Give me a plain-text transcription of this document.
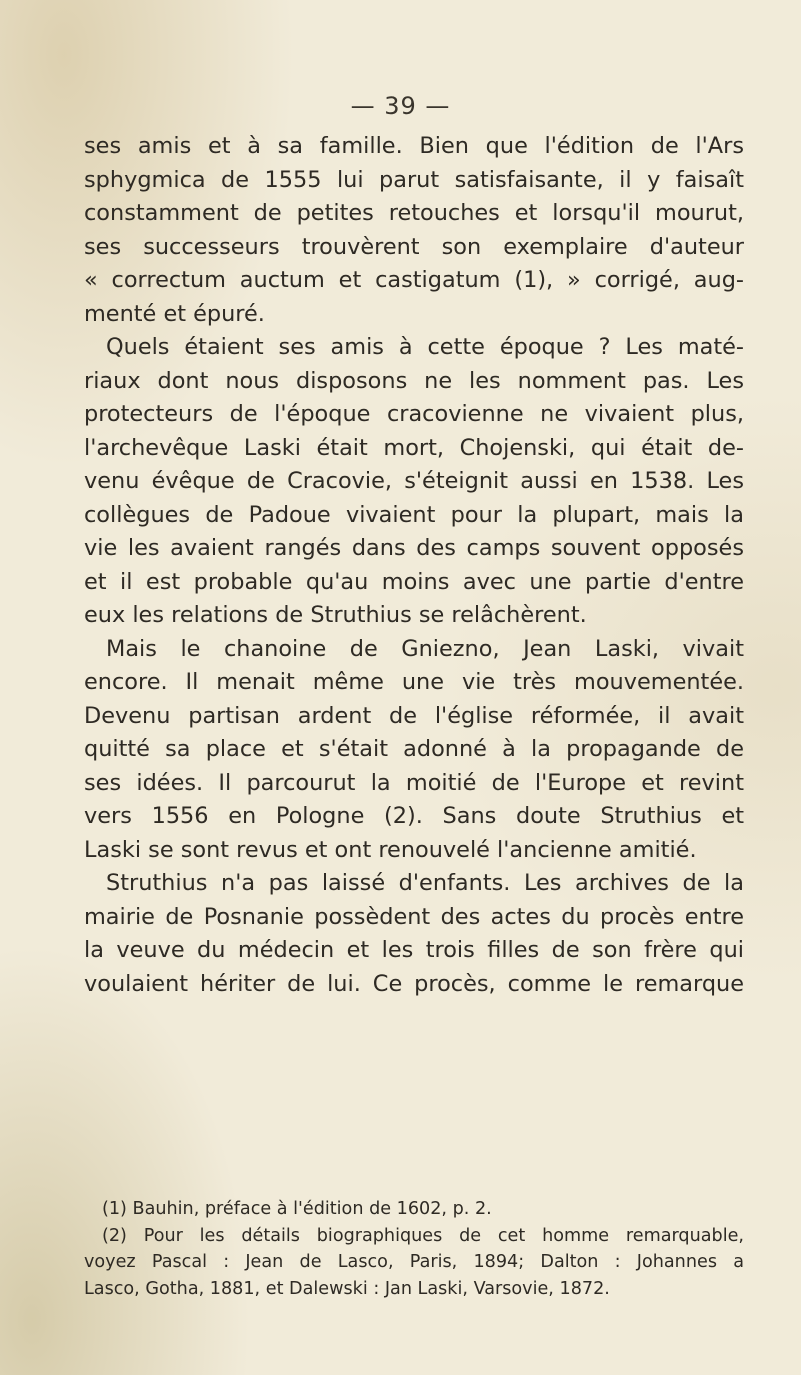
— 39 —
ses amis et à sa famille. Bien que l'édition de l'Ars
sphygmica de 1555 lui parut satisfaisante, il y faisaît
constamment de petites retouches et lorsqu'il mourut,
ses successeurs trouvèrent son exemplaire d'auteur
« correctum auctum et castigatum (1), » corrigé, aug-
menté et épuré.
Quels étaient ses amis à cette époque ? Les maté-
riaux dont nous disposons ne les nomment pas. Les
protecteurs de l'époque cracovienne ne vivaient plus,
l'archevêque Laski était mort, Chojenski, qui était de-
venu évêque de Cracovie, s'éteignit aussi en 1538. Les
collègues de Padoue vivaient pour la plupart, mais la
vie les avaient rangés dans des camps souvent opposés
et il est probable qu'au moins avec une partie d'entre
eux les relations de Struthius se relâchèrent.
Mais le chanoine de Gniezno, Jean Laski, vivait
encore. Il menait même une vie très mouvementée.
Devenu partisan ardent de l'église réformée, il avait
quitté sa place et s'était adonné à la propagande de
ses idées. Il parcourut la moitié de l'Europe et revint
vers 1556 en Pologne (2). Sans doute Struthius et
Laski se sont revus et ont renouvelé l'ancienne amitié.
Struthius n'a pas laissé d'enfants. Les archives de la
mairie de Posnanie possèdent des actes du procès entre
la veuve du médecin et les trois filles de son frère qui
voulaient hériter de lui. Ce procès, comme le remarque
(1) Bauhin, préface à l'édition de 1602, p. 2.
(2) Pour les détails biographiques de cet homme remarquable,
voyez Pascal : Jean de Lasco, Paris, 1894; Dalton : Johannes a
Lasco, Gotha, 1881, et Dalewski : Jan Laski, Varsovie, 1872.
